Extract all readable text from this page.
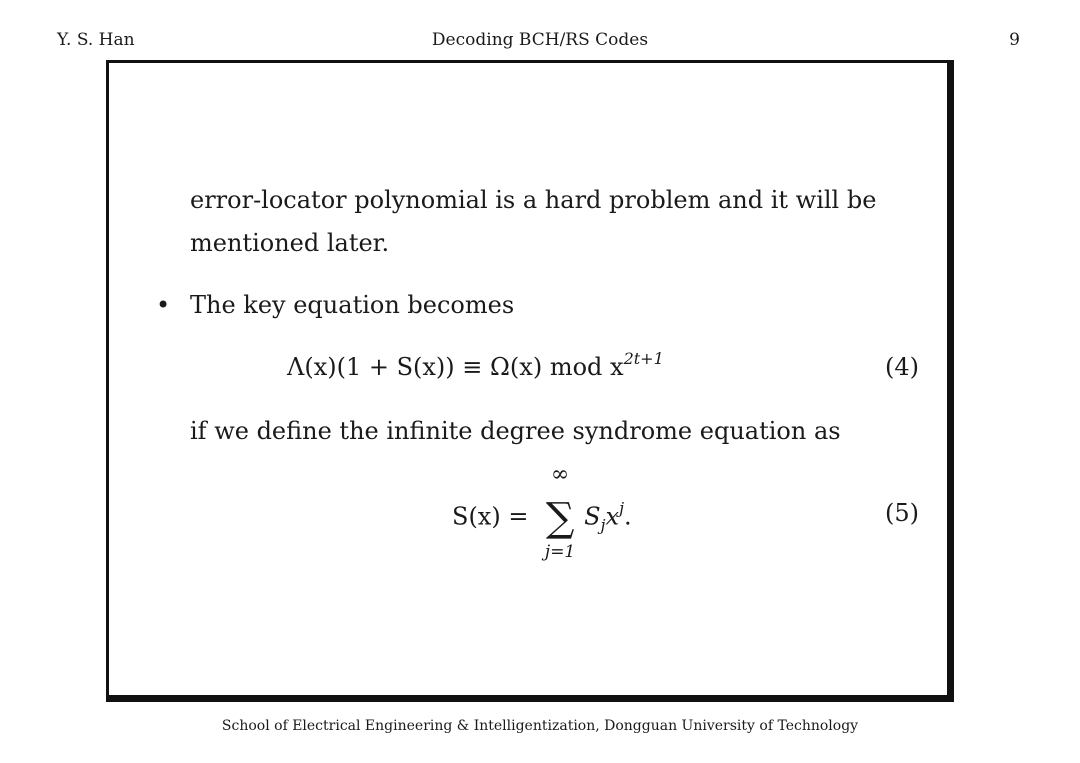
Y. S. Han	Decoding BCH/RS Codes	9
error-locator polynomial is a hard problem and it will be
mentioned later.
• The key equation becomes
Λ(x)(1 + S(x)) ≡ Ω(x) mod $x^{2t+1}$	(4)
if we define the infinite degree syndrome equation as
S(x) =
∞
∑
j=1
$S_jx^j$.	(5)
School of Electrical Engineering & Intelligentization, Dongguan University of Technology
